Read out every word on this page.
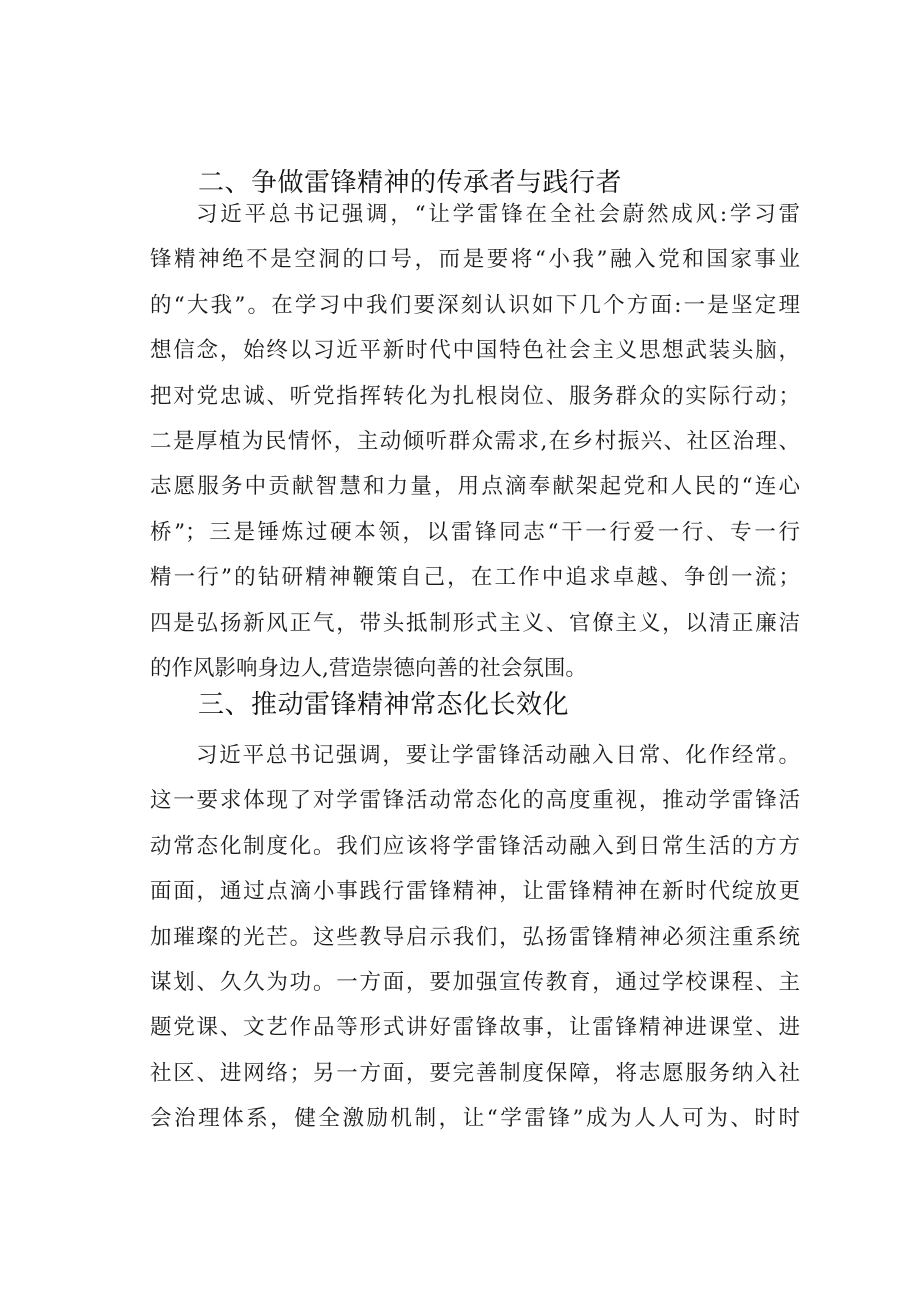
二、争做雷锋精神的传承者与践行者
习近平总书记强调，“让学雷锋在全社会蔚然成风:学习雷
锋精神绝不是空洞的口号，而是要将“小我”融入党和国家事业
的“大我”。在学习中我们要深刻认识如下几个方面:一是坚定理
想信念，始终以习近平新时代中国特色社会主义思想武装头脑，
把对党忠诚、听党指挥转化为扎根岗位、服务群众的实际行动；
二是厚植为民情怀，主动倾听群众需求,在乡村振兴、社区治理、
志愿服务中贡献智慧和力量，用点滴奉献架起党和人民的“连心
桥”；三是锤炼过硬本领，以雷锋同志“干一行爱一行、专一行
精一行”的钻研精神鞭策自己，在工作中追求卓越、争创一流；
四是弘扬新风正气，带头抵制形式主义、官僚主义，以清正廉洁
的作风影响身边人,营造崇德向善的社会氛围。
三、推动雷锋精神常态化长效化
习近平总书记强调，要让学雷锋活动融入日常、化作经常。
这一要求体现了对学雷锋活动常态化的高度重视，推动学雷锋活
动常态化制度化。我们应该将学雷锋活动融入到日常生活的方方
面面，通过点滴小事践行雷锋精神，让雷锋精神在新时代绽放更
加璀璨的光芒。这些教导启示我们，弘扬雷锋精神必须注重系统
谋划、久久为功。一方面，要加强宣传教育，通过学校课程、主
题党课、文艺作品等形式讲好雷锋故事，让雷锋精神进课堂、进
社区、进网络；另一方面，要完善制度保障，将志愿服务纳入社
会治理体系，健全激励机制，让“学雷锋”成为人人可为、时时
